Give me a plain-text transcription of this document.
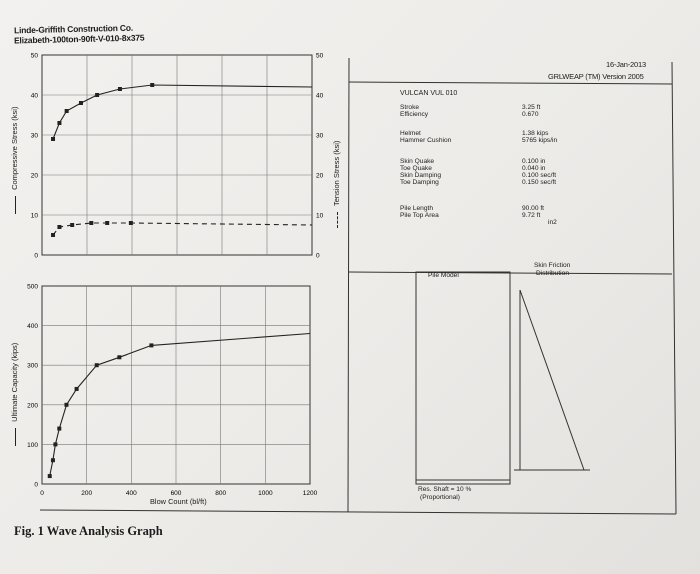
Linde-Griffith Construction Co.
Elizabeth-100ton-90ft-V-010-8x375
16-Jan-2013
GRLWEAP (TM) Version 2005
0
10
20
30
40
50
0
10
20
30
40
50
0
100
200
300
400
500
0	200	400	600	800	1000	1200
Compressive Stress (ksi)	Tension Stress (ksi)
Ultimate Capacity (kips)
Blow Count (bl/ft)
VULCAN VUL 010
Stroke	3.25 ft
Efficiency	0.670
Helmet	1.38 kips
Hammer Cushion	5765 kips/in
Skin Quake	0.100 in
Toe Quake	0.040 in
Skin Damping	0.100 sec/ft
Toe Damping	0.150 sec/ft
Pile Length	90.00 ft
Pile Top Area	9.72 ft
in2
Pile Model
Skin Friction
Distribution
Res. Shaft = 10 %
(Proportional)
Fig. 1 Wave Analysis Graph
